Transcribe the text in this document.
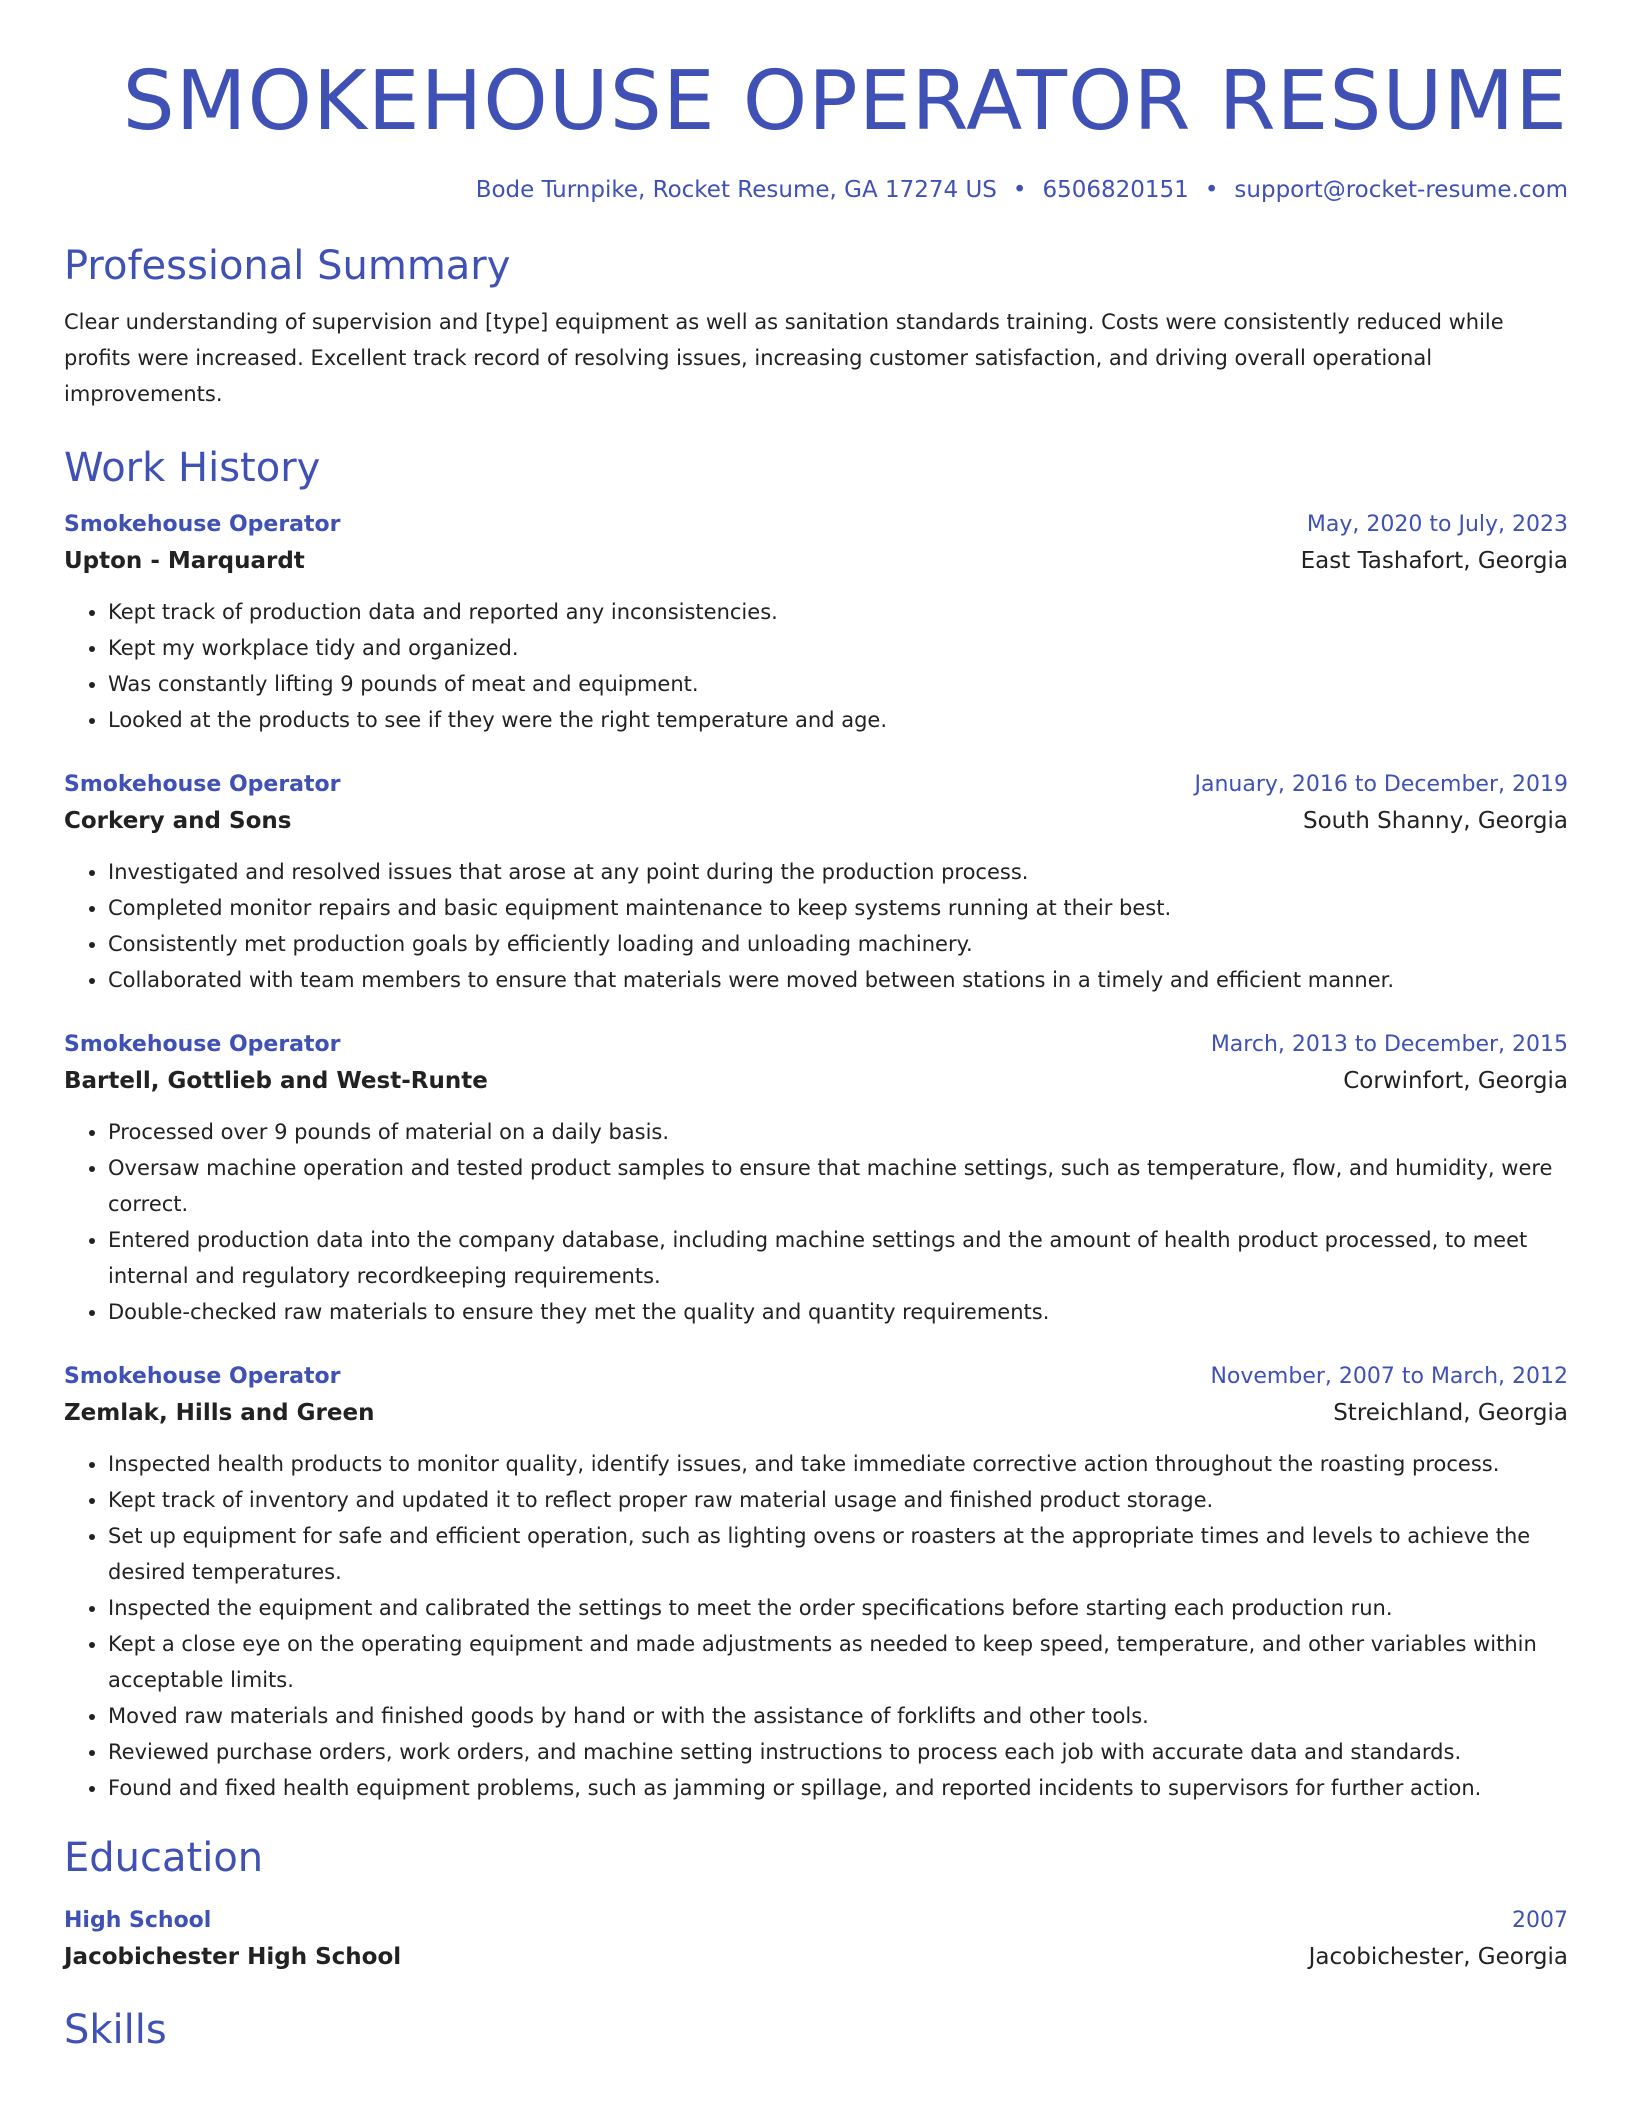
SMOKEHOUSE OPERATOR RESUME
Bode Turnpike, Rocket Resume, GA 17274 US • 6506820151 • support@rocket-resume.com
Professional Summary
Clear understanding of supervision and [type] equipment as well as sanitation standards training. Costs were consistently reduced while profits were increased. Excellent track record of resolving issues, increasing customer satisfaction, and driving overall operational improvements.
Work History
Smokehouse Operator	May, 2020 to July, 2023
Upton - Marquardt	East Tashafort, Georgia
• Kept track of production data and reported any inconsistencies.
• Kept my workplace tidy and organized.
• Was constantly lifting 9 pounds of meat and equipment.
• Looked at the products to see if they were the right temperature and age.
Smokehouse Operator	January, 2016 to December, 2019
Corkery and Sons	South Shanny, Georgia
• Investigated and resolved issues that arose at any point during the production process.
• Completed monitor repairs and basic equipment maintenance to keep systems running at their best.
• Consistently met production goals by efficiently loading and unloading machinery.
• Collaborated with team members to ensure that materials were moved between stations in a timely and efficient manner.
Smokehouse Operator	March, 2013 to December, 2015
Bartell, Gottlieb and West-Runte	Corwinfort, Georgia
• Processed over 9 pounds of material on a daily basis.
• Oversaw machine operation and tested product samples to ensure that machine settings, such as temperature, flow, and humidity, were correct.
• Entered production data into the company database, including machine settings and the amount of health product processed, to meet internal and regulatory recordkeeping requirements.
• Double-checked raw materials to ensure they met the quality and quantity requirements.
Smokehouse Operator	November, 2007 to March, 2012
Zemlak, Hills and Green	Streichland, Georgia
• Inspected health products to monitor quality, identify issues, and take immediate corrective action throughout the roasting process.
• Kept track of inventory and updated it to reflect proper raw material usage and finished product storage.
• Set up equipment for safe and efficient operation, such as lighting ovens or roasters at the appropriate times and levels to achieve the desired temperatures.
• Inspected the equipment and calibrated the settings to meet the order specifications before starting each production run.
• Kept a close eye on the operating equipment and made adjustments as needed to keep speed, temperature, and other variables within acceptable limits.
• Moved raw materials and finished goods by hand or with the assistance of forklifts and other tools.
• Reviewed purchase orders, work orders, and machine setting instructions to process each job with accurate data and standards.
• Found and fixed health equipment problems, such as jamming or spillage, and reported incidents to supervisors for further action.
Education
High School	2007
Jacobichester High School	Jacobichester, Georgia
Skills
